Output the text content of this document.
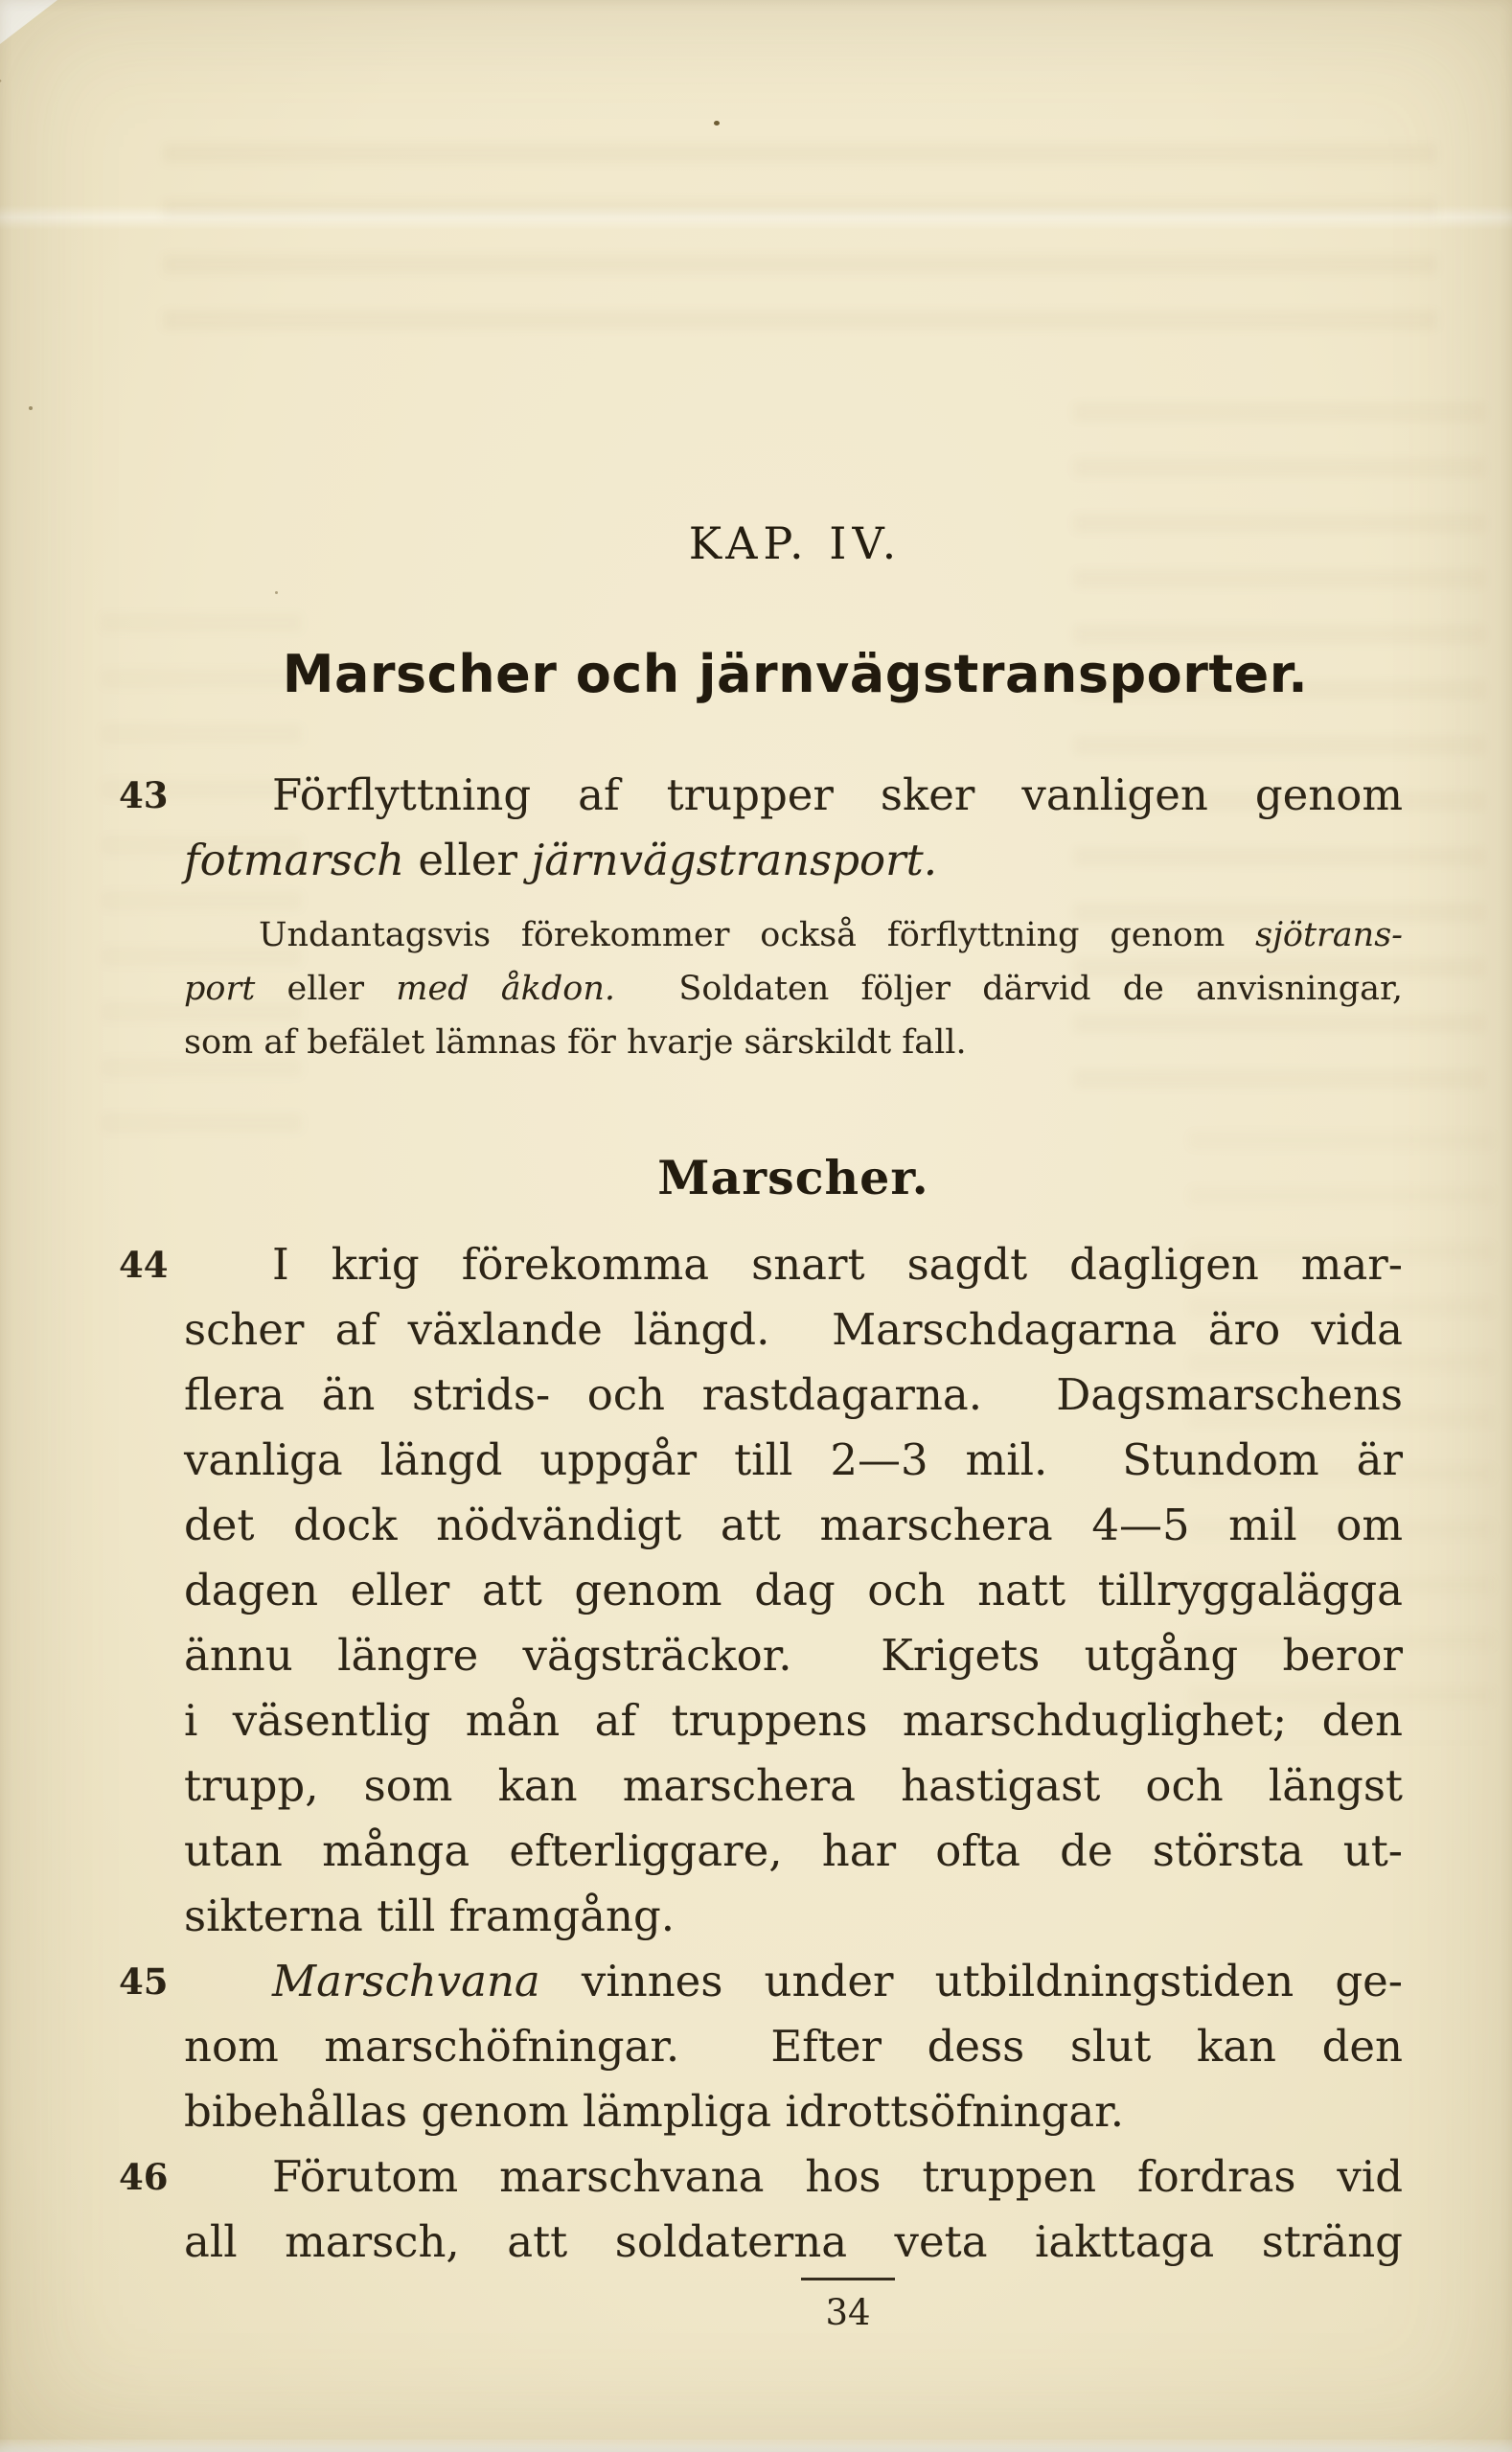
KAP. IV.
Marscher och järnvägstransporter.
43	Förflyttning af trupper sker vanligen genom
fotmarsch eller järnvägstransport.
Undantagsvis förekommer också förflyttning genom sjötrans-
port eller med åkdon.  Soldaten följer därvid de anvisningar,
som af befälet lämnas för hvarje särskildt fall.
Marscher.
44	I krig förekomma snart sagdt dagligen mar-
scher af växlande längd.  Marschdagarna äro vida
flera än strids- och rastdagarna.  Dagsmarschens
vanliga längd uppgår till 2—3 mil.  Stundom är
det dock nödvändigt att marschera 4—5 mil om
dagen eller att genom dag och natt tillryggalägga
ännu längre vägsträckor.  Krigets utgång beror
i väsentlig mån af truppens marschduglighet; den
trupp, som kan marschera hastigast och längst
utan många efterliggare, har ofta de största ut-
sikterna till framgång.
45	Marschvana vinnes under utbildningstiden ge-
nom marschöfningar.  Efter dess slut kan den
bibehållas genom lämpliga idrottsöfningar.
46	Förutom marschvana hos truppen fordras vid
all marsch, att soldaterna veta iakttaga sträng
34
